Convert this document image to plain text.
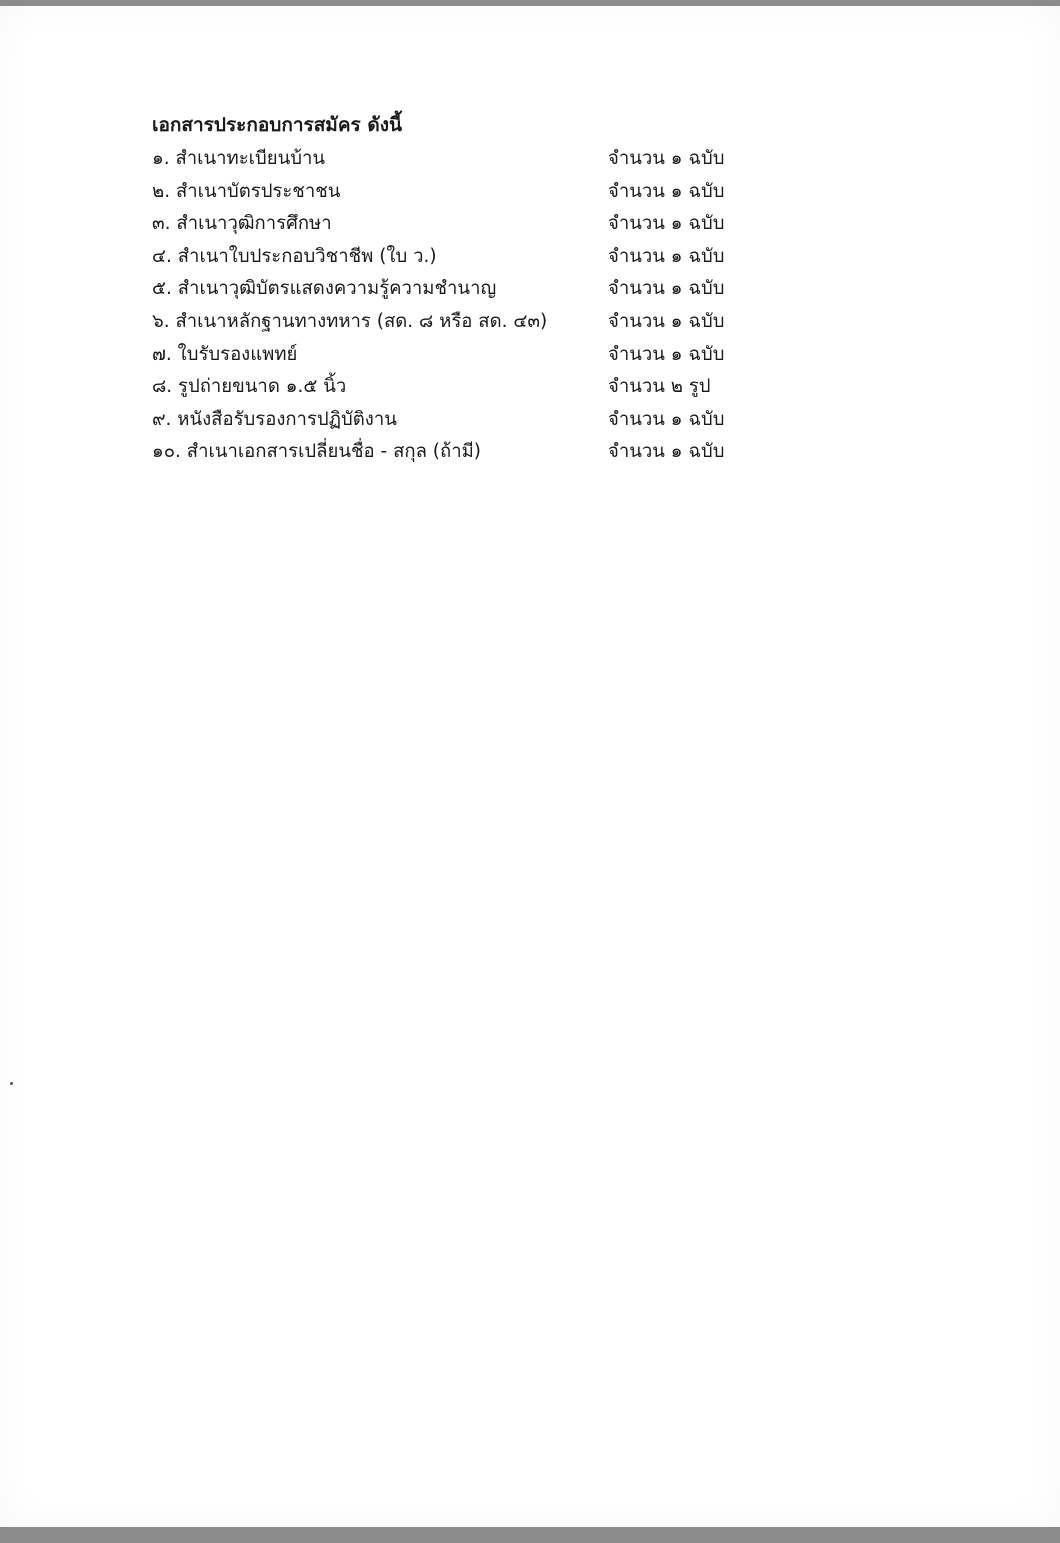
เอกสารประกอบการสมัคร ดังนี้
๑. สำเนาทะเบียนบ้าน	จำนวน ๑ ฉบับ
๒. สำเนาบัตรประชาชน	จำนวน ๑ ฉบับ
๓. สำเนาวุฒิการศึกษา	จำนวน ๑ ฉบับ
๔. สำเนาใบประกอบวิชาชีพ (ใบ ว.)	จำนวน ๑ ฉบับ
๕. สำเนาวุฒิบัตรแสดงความรู้ความชำนาญ	จำนวน ๑ ฉบับ
๖. สำเนาหลักฐานทางทหาร (สด. ๘ หรือ สด. ๔๓)	จำนวน ๑ ฉบับ
๗. ใบรับรองแพทย์	จำนวน ๑ ฉบับ
๘. รูปถ่ายขนาด ๑.๕ นิ้ว	จำนวน ๒ รูป
๙. หนังสือรับรองการปฏิบัติงาน	จำนวน ๑ ฉบับ
๑๐. สำเนาเอกสารเปลี่ยนชื่อ - สกุล (ถ้ามี)	จำนวน ๑ ฉบับ
